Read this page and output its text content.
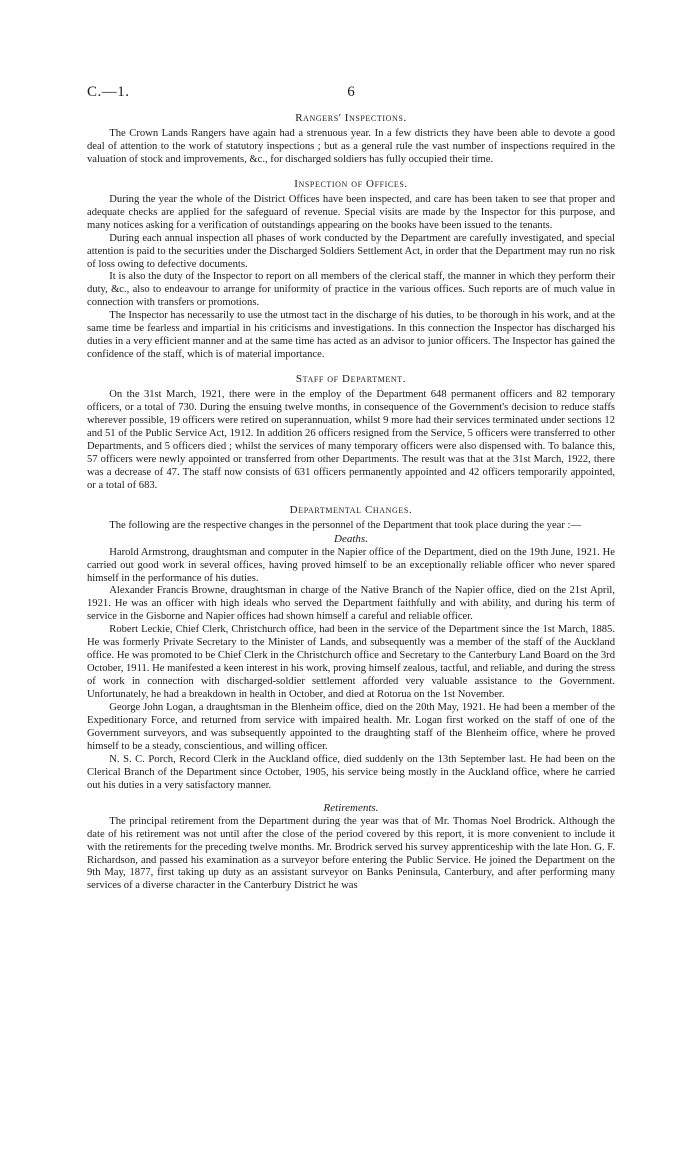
C.—1.	6
Rangers' Inspections.

The Crown Lands Rangers have again had a strenuous year. In a few districts they have been able to devote a good deal of attention to the work of statutory inspections ; but as a general rule the vast number of inspections required in the valuation of stock and improvements, &c., for discharged soldiers has fully occupied their time.

Inspection of Offices.

During the year the whole of the District Offices have been inspected, and care has been taken to see that proper and adequate checks are applied for the safeguard of revenue. Special visits are made by the Inspector for this purpose, and many notices asking for a verification of outstandings appearing on the books have been issued to the tenants.

During each annual inspection all phases of work conducted by the Department are carefully investigated, and special attention is paid to the securities under the Discharged Soldiers Settlement Act, in order that the Department may run no risk of loss owing to defective documents.

It is also the duty of the Inspector to report on all members of the clerical staff, the manner in which they perform their duty, &c., also to endeavour to arrange for uniformity of practice in the various offices. Such reports are of much value in connection with transfers or promotions.

The Inspector has necessarily to use the utmost tact in the discharge of his duties, to be thorough in his work, and at the same time be fearless and impartial in his criticisms and investigations. In this connection the Inspector has discharged his duties in a very efficient manner and at the same time has acted as an advisor to junior officers. The Inspector has gained the confidence of the staff, which is of material importance.

Staff of Department.

On the 31st March, 1921, there were in the employ of the Department 648 permanent officers and 82 temporary officers, or a total of 730. During the ensuing twelve months, in consequence of the Government's decision to reduce staffs wherever possible, 19 officers were retired on superannuation, whilst 9 more had their services terminated under sections 12 and 51 of the Public Service Act, 1912. In addition 26 officers resigned from the Service, 5 officers were transferred to other Departments, and 5 officers died ; whilst the services of many temporary officers were also dispensed with. To balance this, 57 officers were newly appointed or transferred from other Departments. The result was that at the 31st March, 1922, there was a decrease of 47. The staff now consists of 631 officers permanently appointed and 42 officers temporarily appointed, or a total of 683.

Departmental Changes.

The following are the respective changes in the personnel of the Department that took place during the year :—

Deaths.

Harold Armstrong, draughtsman and computer in the Napier office of the Department, died on the 19th June, 1921. He carried out good work in several offices, having proved himself to be an exceptionally reliable officer who never spared himself in the performance of his duties.

Alexander Francis Browne, draughtsman in charge of the Native Branch of the Napier office, died on the 21st April, 1921. He was an officer with high ideals who served the Department faithfully and with ability, and during his term of service in the Gisborne and Napier offices had shown himself a careful and reliable officer.

Robert Leckie, Chief Clerk, Christchurch office, had been in the service of the Department since the 1st March, 1885. He was formerly Private Secretary to the Minister of Lands, and subsequently was a member of the staff of the Auckland office. He was promoted to be Chief Clerk in the Christchurch office and Secretary to the Canterbury Land Board on the 3rd October, 1911. He manifested a keen interest in his work, proving himself zealous, tactful, and reliable, and during the stress of work in connection with discharged-soldier settlement afforded very valuable assistance to the Government. Unfortunately, he had a breakdown in health in October, and died at Rotorua on the 1st November.

George John Logan, a draughtsman in the Blenheim office, died on the 20th May, 1921. He had been a member of the Expeditionary Force, and returned from service with impaired health. Mr. Logan first worked on the staff of one of the Government surveyors, and was subsequently appointed to the draughting staff of the Blenheim office, where he proved himself to be a steady, conscientious, and willing officer.

N. S. C. Porch, Record Clerk in the Auckland office, died suddenly on the 13th September last. He had been on the Clerical Branch of the Department since October, 1905, his service being mostly in the Auckland office, where he carried out his duties in a very satisfactory manner.

Retirements.

The principal retirement from the Department during the year was that of Mr. Thomas Noel Brodrick. Although the date of his retirement was not until after the close of the period covered by this report, it is more convenient to include it with the retirements for the preceding twelve months. Mr. Brodrick served his survey apprenticeship with the late Hon. G. F. Richardson, and passed his examination as a surveyor before entering the Public Service. He joined the Department on the 9th May, 1877, first taking up duty as an assistant surveyor on Banks Peninsula, Canterbury, and after performing many services of a diverse character in the Canterbury District he was
